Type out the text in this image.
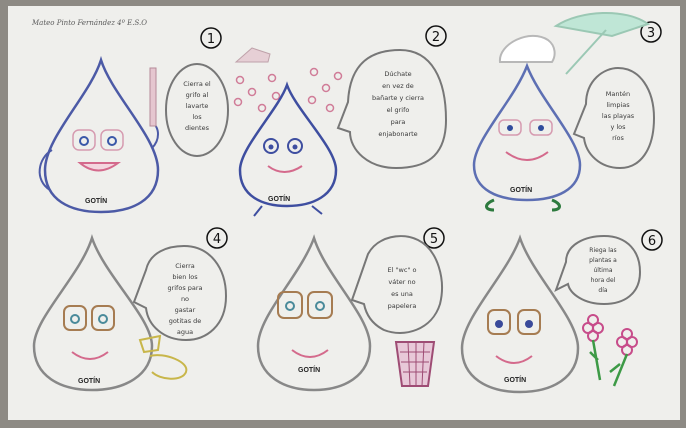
Mateo Pinto Fernández 4º E.S.O
1
GOTÍN
Cierra el
grifo al
lavarte
los
dientes
2
GOTÍN
Dúchate
en vez de
bañarte y cierra
el grifo
para
enjabonarte
3
GOTÍN
Mantén
limpias
las playas
y los
ríos
4
GOTÍN
Cierra
bien los
grifos para
no
gastar
gotitas de
agua
5
GOTÍN
El "wc" o
váter no
es una
papelera
6
GOTÍN
Riega las
plantas a
última
hora del
día
